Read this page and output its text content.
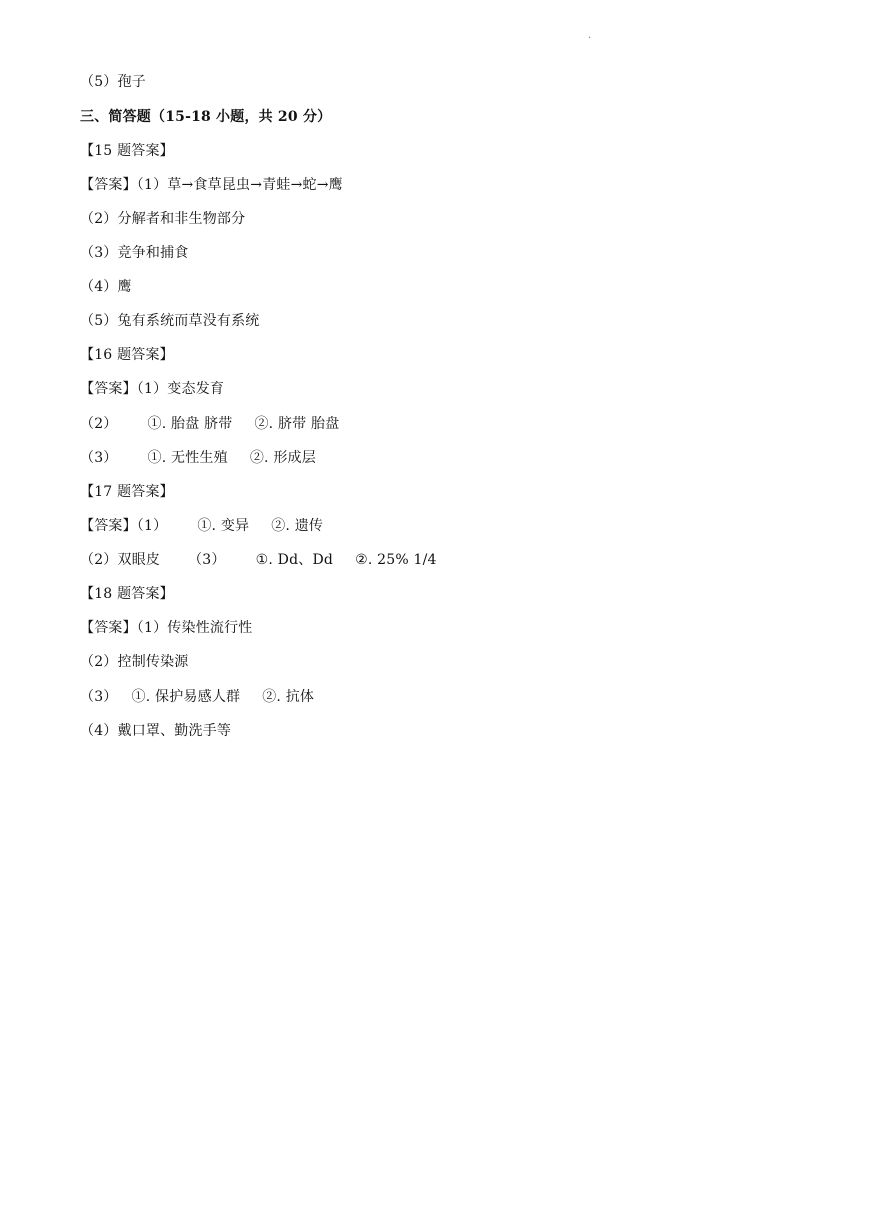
.
（5）孢子
三、简答题（15-18 小题，共 20 分）
【15 题答案】
【答案】（1）草→食草昆虫→青蛙→蛇→鹰
（2）分解者和非生物部分
（3）竞争和捕食
（4）鹰
（5）兔有系统而草没有系统
【16 题答案】
【答案】（1）变态发育
（2） ①. 胎盘 脐带 ②. 脐带 胎盘
（3） ①. 无性生殖 ②. 形成层
【17 题答案】
【答案】（1） ①. 变异 ②. 遗传
（2）双眼皮 （3） ①. Dd、Dd ②. 25% 1/4
【18 题答案】
【答案】（1）传染性流行性
（2）控制传染源
（3） ①. 保护易感人群 ②. 抗体
（4）戴口罩、勤洗手等
